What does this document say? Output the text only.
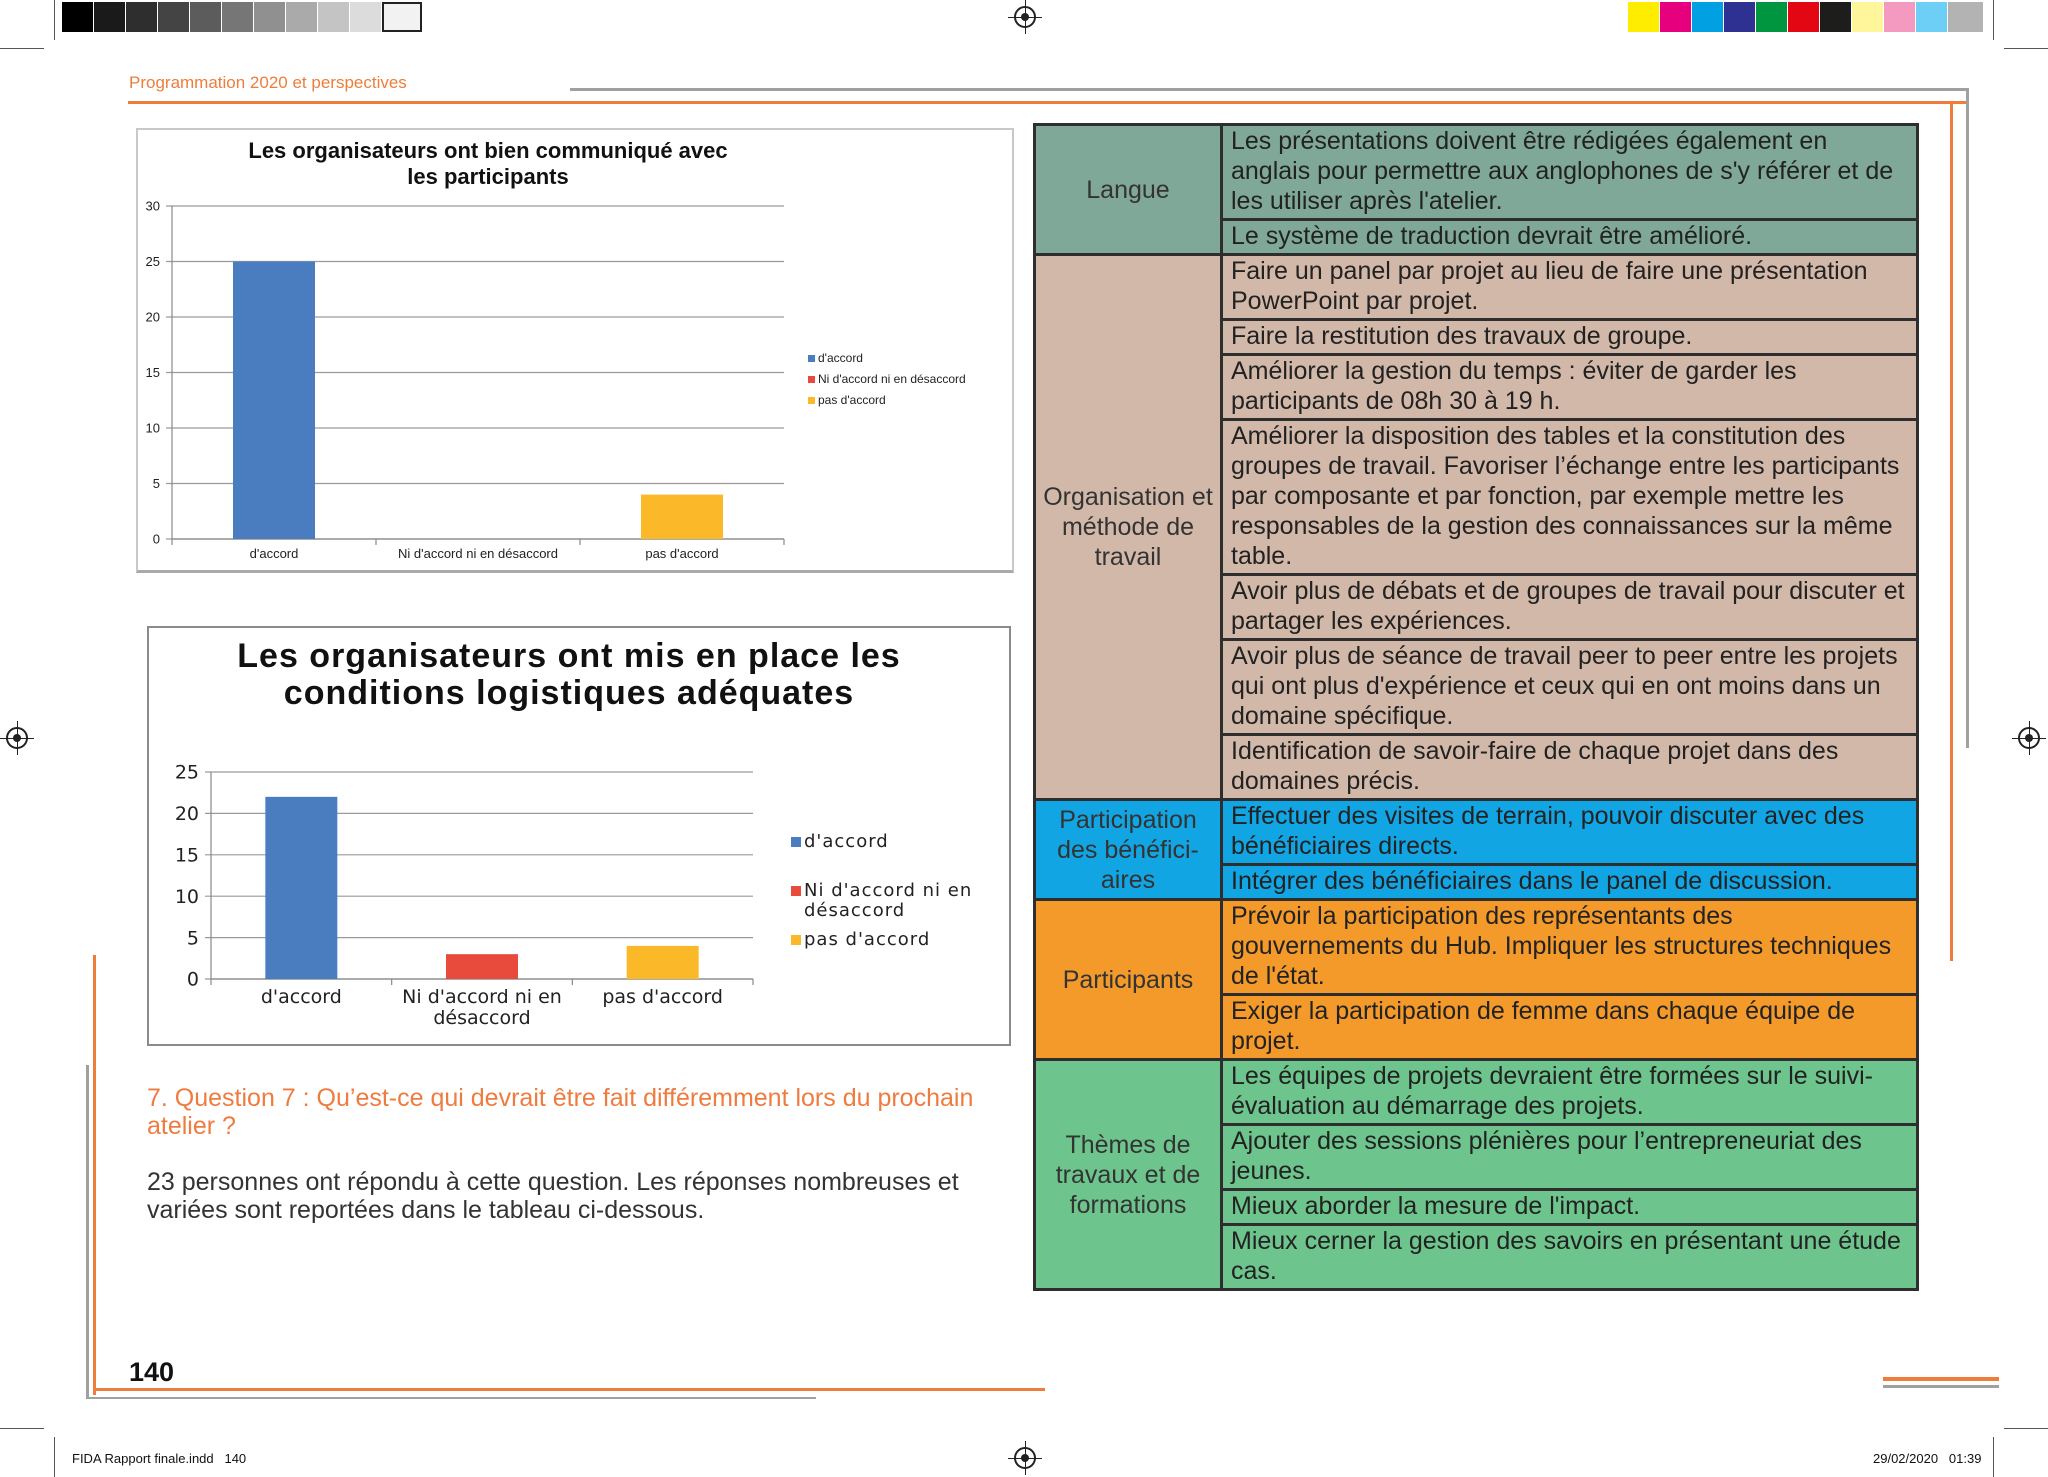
Programmation 2020 et perspectives
0
5
10
15
20
25
30
d'accord	Ni d'accord ni en désaccord	pas d'accord
d'accord
Ni d'accord ni en désaccord
pas d'accord
Les organisateurs ont bien communiqué avec les participants
0
5
10
15
20
25
d'accord	Ni d'accord ni en
désaccord
pas d'accord
d'accord
Ni d'accord ni en
désaccord
pas d'accord
Les organisateurs ont mis en place les conditions logistiques adéquates
7. Question 7 : Qu’est-ce qui devrait être fait différemment lors du prochain atelier ?
23 personnes ont répondu à cette question. Les réponses nombreuses et variées sont reportées dans le tableau ci-dessous.
Langue	Les présentations doivent être rédigées également en anglais pour permettre aux anglophones de s'y référer et de les utiliser après l'atelier.
	Le système de traduction devrait être amélioré.
Organisation et méthode de travail	Faire un panel par projet au lieu de faire une présentation PowerPoint par projet.
	Faire la restitution des travaux de groupe.
	Améliorer la gestion du temps : éviter de garder les participants de 08h 30 à 19 h.
	Améliorer la disposition des tables et la constitution des groupes de travail. Favoriser l’échange entre les participants par composante et par fonction, par exemple mettre les responsables de la gestion des connaissances sur la même table.
	Avoir plus de débats et de groupes de travail pour discuter et partager les expériences.
	Avoir plus de séance de travail peer to peer entre les projets qui ont plus d'expérience et ceux qui en ont moins dans un domaine spécifique.
	Identification de savoir-faire de chaque projet dans des domaines précis.
Participation des bénéfici-aires	Effectuer des visites de terrain, pouvoir discuter avec des bénéficiaires directs.
	Intégrer des bénéficiaires dans le panel de discussion.
Participants	Prévoir la participation des représentants des gouvernements du Hub. Impliquer les structures techniques de l'état.
	Exiger la participation de femme dans chaque équipe de projet.
Thèmes de travaux et de formations	Les équipes de projets devraient être formées sur le suivi-évaluation au démarrage des projets.
	Ajouter des sessions plénières pour l’entrepreneuriat des jeunes.
	Mieux aborder la mesure de l'impact.
	Mieux cerner la gestion des savoirs en présentant une étude cas.
140
FIDA Rapport finale.indd   140	29/02/2020   01:39
